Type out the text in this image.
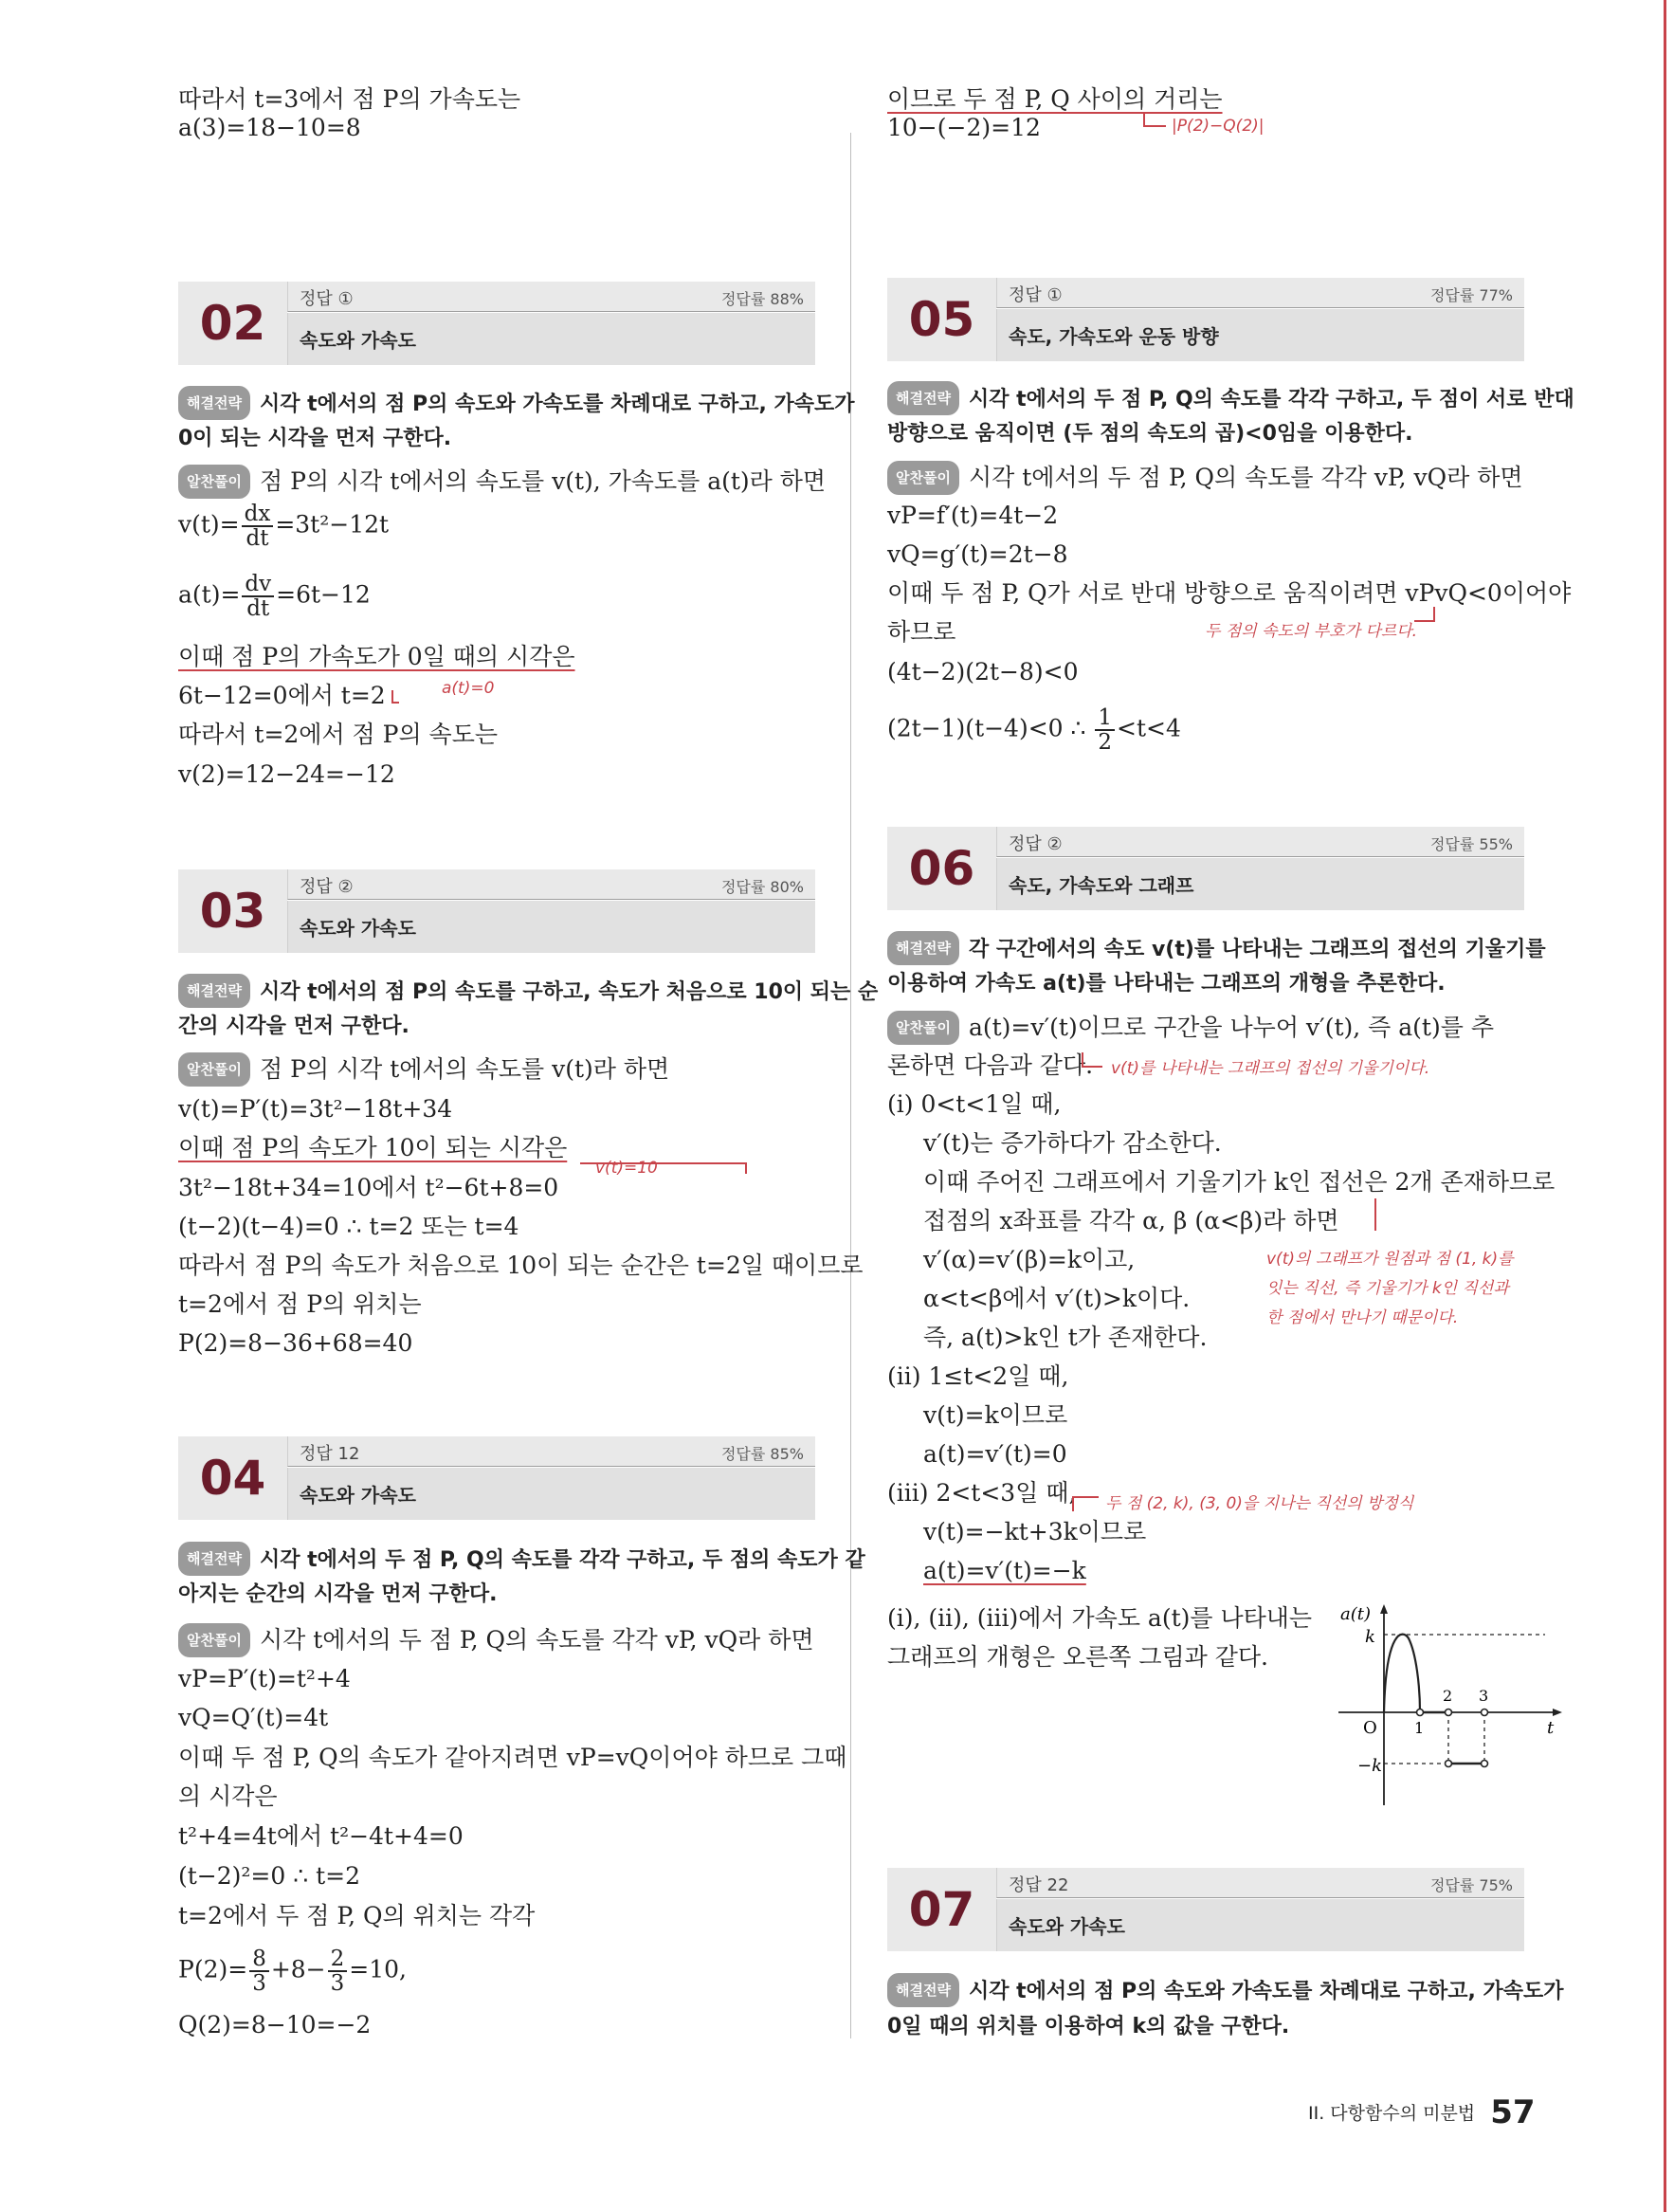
따라서 t=3에서 점 P의 가속도는
a(3)=18−10=8
02	정답 ①	정답률 88%
속도와 가속도
해결전략 시각 t에서의 점 P의 속도와 가속도를 차례대로 구하고, 가속도가
0이 되는 시각을 먼저 구한다.
알찬풀이 점 P의 시각 t에서의 속도를 v(t), 가속도를 a(t)라 하면
$v(t)= \frac{dx}{dt} =3t^2-12t$
$a(t)= \frac{dv}{dt} =6t-12$
이때 점 P의 가속도가 0일 때의 시각은
6t−12=0에서 t=2	a(t)=0
따라서 t=2에서 점 P의 속도는
v(2)=12−24=−12
03	정답 ②	정답률 80%
속도와 가속도
해결전략 시각 t에서의 점 P의 속도를 구하고, 속도가 처음으로 10이 되는 순
간의 시각을 먼저 구한다.
알찬풀이 점 P의 시각 t에서의 속도를 v(t)라 하면
v(t)=P′(t)=3t²−18t+34
이때 점 P의 속도가 10이 되는 시각은
3t²−18t+34=10에서 t²−6t+8=0
v(t)=10
(t−2)(t−4)=0 ∴ t=2 또는 t=4
따라서 점 P의 속도가 처음으로 10이 되는 순간은 t=2일 때이므로
t=2에서 점 P의 위치는
P(2)=8−36+68=40
04	정답 12	정답률 85%
속도와 가속도
해결전략 시각 t에서의 두 점 P, Q의 속도를 각각 구하고, 두 점의 속도가 같
아지는 순간의 시각을 먼저 구한다.
알찬풀이 시각 t에서의 두 점 P, Q의 속도를 각각 vP, vQ라 하면
vP=P′(t)=t²+4
vQ=Q′(t)=4t
이때 두 점 P, Q의 속도가 같아지려면 vP=vQ이어야 하므로 그때
의 시각은
t²+4=4t에서 t²−4t+4=0
(t−2)²=0 ∴ t=2
t=2에서 두 점 P, Q의 위치는 각각
$P(2)= \frac{8}{3} +8- \frac{2}{3} =10$,
Q(2)=8−10=−2
이므로 두 점 P, Q 사이의 거리는
10−(−2)=12	|P(2)−Q(2)|
05	정답 ①	정답률 77%
속도, 가속도와 운동 방향
해결전략 시각 t에서의 두 점 P, Q의 속도를 각각 구하고, 두 점이 서로 반대
방향으로 움직이면 (두 점의 속도의 곱)<0임을 이용한다.
알찬풀이 시각 t에서의 두 점 P, Q의 속도를 각각 vP, vQ라 하면
vP=f′(t)=4t−2
vQ=g′(t)=2t−8
이때 두 점 P, Q가 서로 반대 방향으로 움직이려면 vPvQ<0이어야
하므로	두 점의 속도의 부호가 다르다.
(4t−2)(2t−8)<0
(2t−1)(t−4)<0 ∴ $\frac{1}{2} <t<4$
06	정답 ②	정답률 55%
속도, 가속도와 그래프
해결전략 각 구간에서의 속도 v(t)를 나타내는 그래프의 접선의 기울기를
이용하여 가속도 a(t)를 나타내는 그래프의 개형을 추론한다.
알찬풀이 a(t)=v′(t)이므로 구간을 나누어 v′(t), 즉 a(t)를 추
론하면 다음과 같다. v(t)를 나타내는 그래프의 접선의 기울기이다.
(i) 0<t<1일 때,
v′(t)는 증가하다가 감소한다.
이때 주어진 그래프에서 기울기가 k인 접선은 2개 존재하므로
접점의 x좌표를 각각 α, β (α<β)라 하면
v′(α)=v′(β)=k이고,
α<t<β에서 v′(t)>k이다.
즉, a(t)>k인 t가 존재한다.
v(t)의 그래프가 원점과 점 (1, k)를
잇는 직선, 즉 기울기가 k인 직선과
한 점에서 만나기 때문이다.
(ii) 1≤t<2일 때,
v(t)=k이므로
a(t)=v′(t)=0
(iii) 2<t<3일 때, 두 점 (2, k), (3, 0)을 지나는 직선의 방정식
v(t)=−kt+3k이므로
a(t)=v′(t)=−k
(i), (ii), (iii)에서 가속도 a(t)를 나타내는
그래프의 개형은 오른쪽 그림과 같다.
a(t)
k
−k
O 1
2 3
t
07	정답 22	정답률 75%
속도와 가속도
해결전략 시각 t에서의 점 P의 속도와 가속도를 차례대로 구하고, 가속도가
0일 때의 위치를 이용하여 k의 값을 구한다.
II. 다항함수의 미분법 57
